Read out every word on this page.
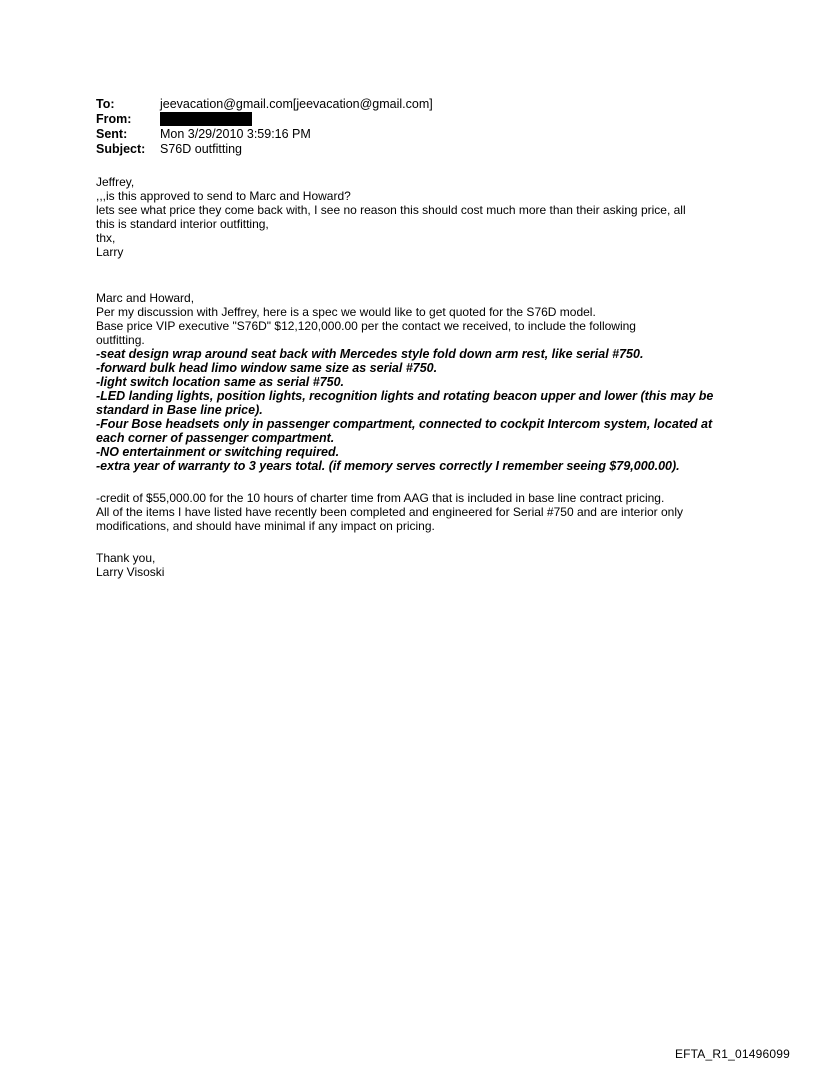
To:	jeevacation@gmail.com[jeevacation@gmail.com]
From:
Sent:	Mon 3/29/2010 3:59:16 PM
Subject:	S76D outfitting
Jeffrey,
,,,is this approved to send to Marc and Howard?
lets see what price they come back with, I see no reason this should cost much more than their asking price, all
this is standard interior outfitting,
thx,
Larry
Marc and Howard,
Per my discussion with Jeffrey, here is a spec we would like to get quoted for the S76D model.
Base price VIP executive "S76D" $12,120,000.00 per the contact we received, to include the following
outfitting.
-seat design wrap around seat back with Mercedes style fold down arm rest, like serial #750.
-forward bulk head limo window same size as serial #750.
-light switch location same as serial #750.
-LED landing lights, position lights, recognition lights and rotating beacon upper and lower (this may be
standard in Base line price).
-Four Bose headsets only in passenger compartment, connected to cockpit Intercom system, located at
each corner of passenger compartment.
-NO entertainment or switching required.
-extra year of warranty to 3 years total. (if memory serves correctly I remember seeing $79,000.00).
-credit of $55,000.00 for the 10 hours of charter time from AAG that is included in base line contract pricing.
All of the items I have listed have recently been completed and engineered for Serial #750 and are interior only
modifications, and should have minimal if any impact on pricing.
Thank you,
Larry Visoski
EFTA_R1_01496099
